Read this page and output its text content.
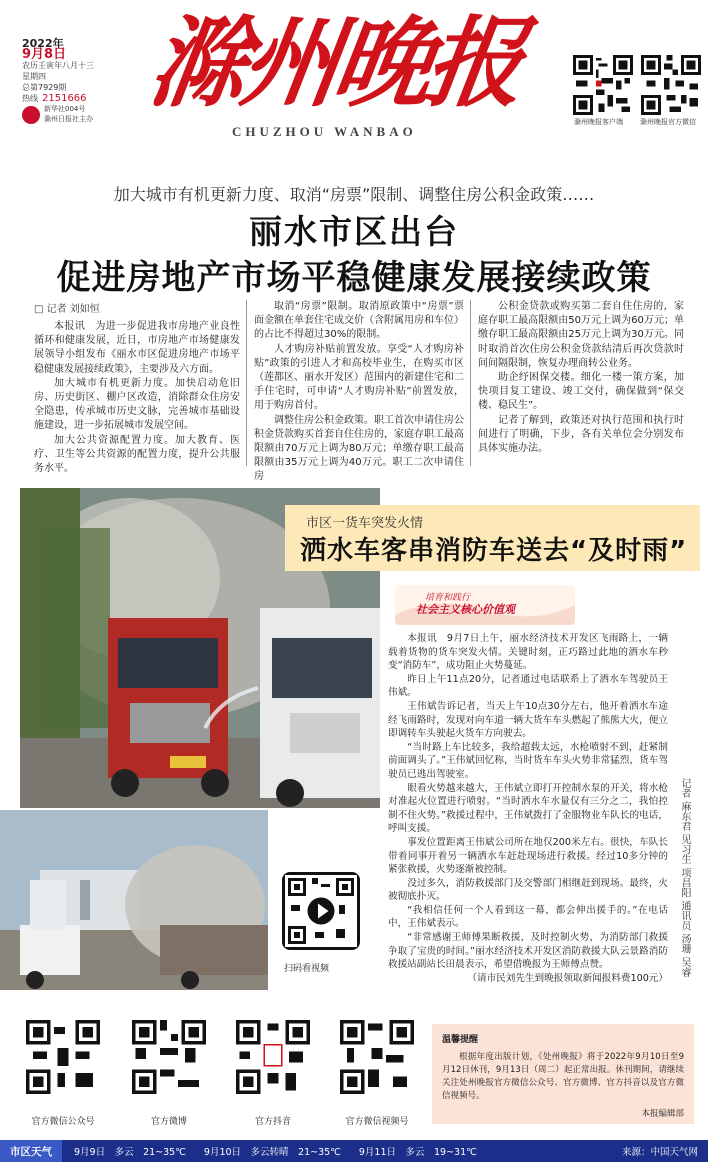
2022年
9月8日
农历壬寅年八月十三
星期四
总第7929期
热线 2151666
新华社004号
滁州日报社主办 滁州晚报
CHUZHOU WANBAO
滁州晚报客户端 滁州晚报官方微信
加大城市有机更新力度、取消“房票”限制、调整住房公积金政策……
丽水市区出台
促进房地产市场平稳健康发展接续政策
□ 记者 刘如恒

本报讯　为进一步促进我市房地产业良性循环和健康发展，近日，市房地产市场健康发展领导小组发布《丽水市区促进房地产市场平稳健康发展接续政策》，主要涉及六方面。

加大城市有机更新力度。加快启动危旧房、历史街区、棚户区改造，消除群众住房安全隐患，传承城市历史文脉，完善城市基础设施建设，进一步拓展城市发展空间。

加大公共资源配置力度。加大教育、医疗、卫生等公共资源的配置力度，提升公共服务水平。

取消“房票”限制。取消原政策中“房票”票面金额在单套住宅成交价（含附属用房和车位）的占比不得超过30%的限制。

人才购房补贴前置发放。享受“人才购房补贴”政策的引进人才和高校毕业生，在购买市区（莲都区、丽水开发区）范围内的新建住宅和二手住宅时，可申请“人才购房补贴”前置发放，用于购房首付。

调整住房公积金政策。职工首次申请住房公积金贷款购买首套自住住房的，家庭存职工最高限额由70万元上调为80万元；单缴存职工最高限额由35万元上调为40万元。职工二次申请住房

公积金贷款或购买第二套自住住房的，家庭存职工最高限额由50万元上调为60万元；单缴存职工最高限额由25万元上调为30万元。同时取消首次住房公积金贷款结清后再次贷款时间间隔限制，恢复办理商转公业务。

助企纾困保交楼。细化一楼一策方案，加快项目复工建设、竣工交付，确保做到“保交楼、稳民生”。

记者了解到，政策还对执行范围和执行时间进行了明确，下步，各有关单位会分别发布具体实施办法。

市区一货车突发火情
洒水车客串消防车送去“及时雨”
培育和践行
社会主义核心价值观

本报讯　9月7日上午，丽水经济技术开发区飞雨路上，一辆载着货物的货车突发火情。关键时刻，正巧路过此地的洒水车秒变“消防车”，成功阻止火势蔓延。

昨日上午11点20分，记者通过电话联系上了洒水车驾驶员王伟斌。

王伟斌告诉记者，当天上午10点30分左右，他开着洒水车途经飞雨路时，发现对向车道一辆大货车车头燃起了熊熊大火，便立即调转车头驶起火货车方向驶去。

“当时路上车比较多，我给超载太远，水枪喷射不到，赶紧制前面调头了。”王伟斌回忆称，当时货车车头火势非常猛烈，货车驾驶员已逃出驾驶室。

眼看火势越来越大，王伟斌立即打开控制水泵的开关，将水枪对准起火位置进行喷射。“当时洒水车水量仅有三分之二，我怕控制不住火势。”救援过程中，王伟斌拨打了金服物业车队长的电话，呼叫支援。

事发位置距离王伟斌公司所在地仅200米左右。很快，车队长带着同事开着另一辆洒水车赶赴现场进行救援。经过10多分钟的紧张救援，火势逐渐被控制。

没过多久，消防救援部门及交警部门相继赶到现场。最终，火被彻底扑灭。

“我相信任何一个人看到这一幕，都会伸出援手的。”在电话中，王伟斌表示。

“非常感谢王师傅果断救援，及时控制火势，为消防部门救援争取了宝贵的时间。”丽水经济技术开发区消防救援大队云景路消防救援站副站长田晨表示，希望借晚报为王师傅点赞。

（请市民刘先生到晚报领取新闻报料费100元）

记者 麻东君 见习生 项昌阳 通讯员 汤珊 吴睿
扫码看视频
官方微信公众号	官方微博	官方抖音	官方微信视频号
温馨提醒
根据年度出版计划，《处州晚报》将于2022年9月10日至9月12日休刊，9月13日（周二）起正常出报。休刊期间，请继续关注处州晚报官方微信公众号、官方微博、官方抖音以及官方微信视频号。
本报编辑部
市区天气	9月9日　多云　21~35℃ 9月10日　多云转晴　21~35℃ 9月11日　多云　19~31℃	来源：中国天气网
